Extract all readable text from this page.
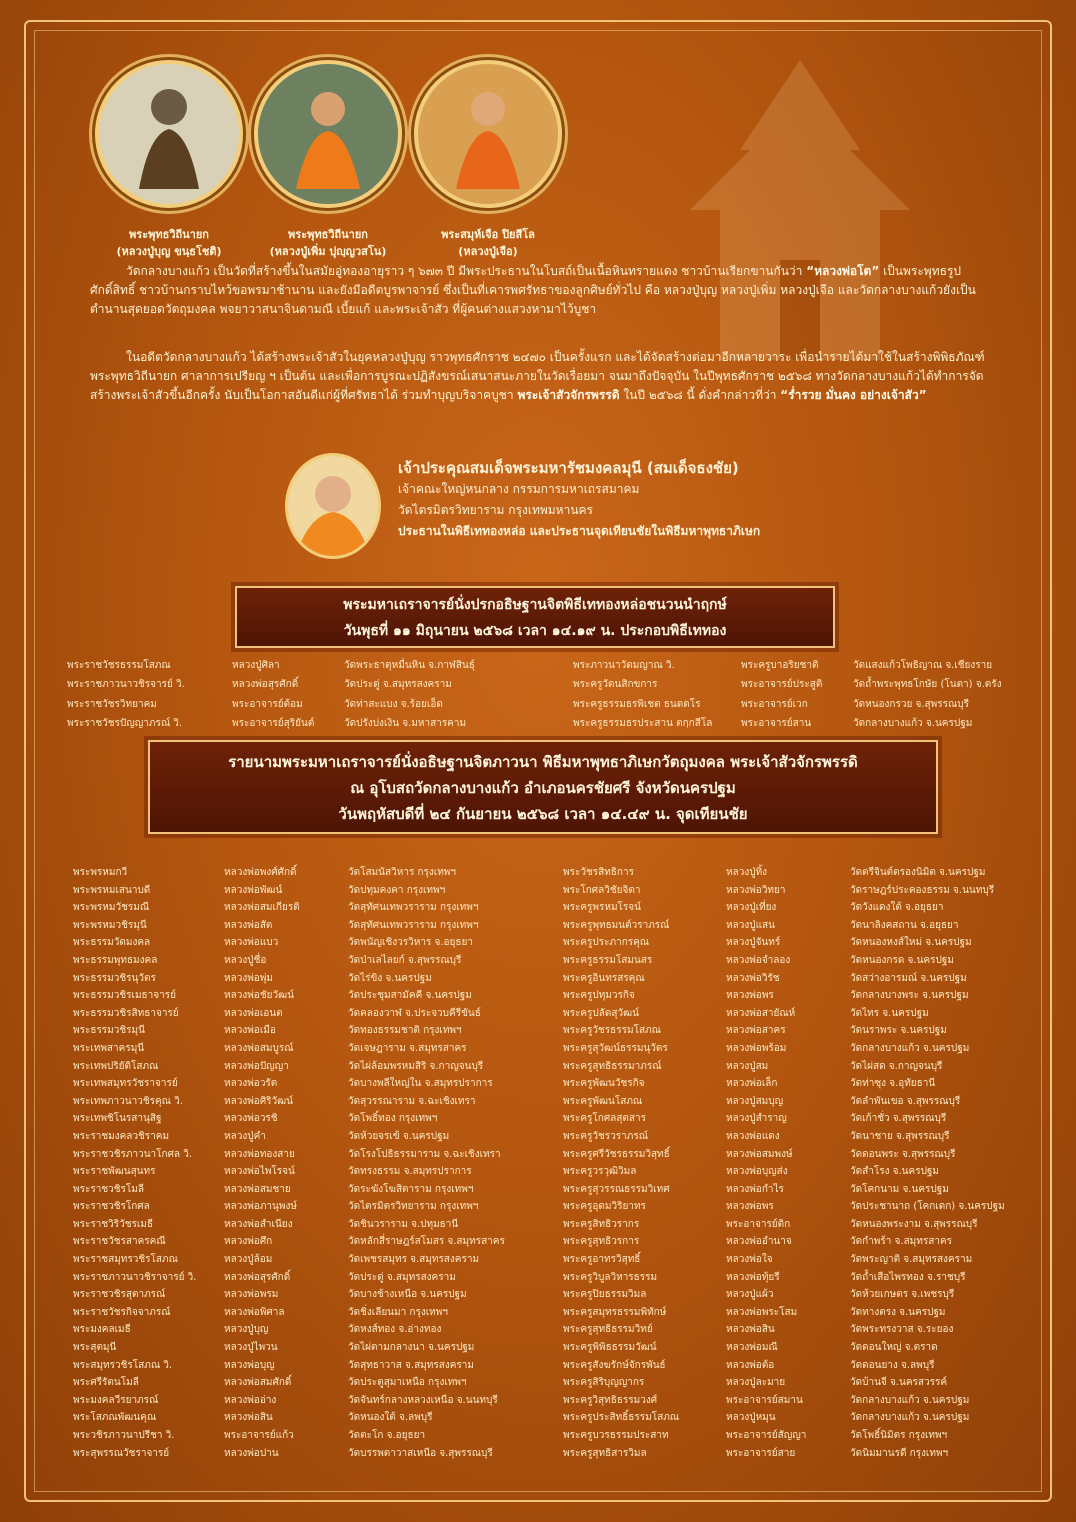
พระพุทธวิถีนายก
(หลวงปู่บุญ ขนฺธโชติ)
พระพุทธวิถีนายก
(หลวงปู่เพิ่ม ปุญฺญวสโน)
พระสมุห์เจือ ปิยสีโล
(หลวงปู่เจือ)
วัดกลางบางแก้ว เป็นวัดที่สร้างขึ้นในสมัยอู่ทองอายุราว ๆ ๖๗๓ ปี มีพระประธานในโบสถ์เป็นเนื้อหินทรายแดง ชาวบ้านเรียกขานกันว่า “หลวงพ่อโต” เป็นพระพุทธรูปศักดิ์สิทธิ์ ชาวบ้านกราบไหว้ขอพรมาช้านาน และยังมีอดีตบูรพาจารย์ ซึ่งเป็นที่เคารพศรัทธาของลูกศิษย์ทั่วไป คือ หลวงปู่บุญ หลวงปู่เพิ่ม หลวงปู่เจือ และวัดกลางบางแก้วยังเป็นตำนานสุดยอดวัตถุมงคล พจยาวาสนาจินดามณี เบี้ยแก้ และพระเจ้าสัว ที่ผู้คนต่างแสวงหามาไว้บูชา
ในอดีตวัดกลางบางแก้ว ได้สร้างพระเจ้าสัวในยุคหลวงปู่บุญ ราวพุทธศักราช ๒๔๗๐ เป็นครั้งแรก และได้จัดสร้างต่อมาอีกหลายวาระ เพื่อนำรายได้มาใช้ในสร้างพิพิธภัณฑ์พระพุทธวิถีนายก ศาลาการเปรียญ ฯ เป็นต้น และเพื่อการบูรณะปฏิสังขรณ์เสนาสนะภายในวัดเรื่อยมา จนมาถึงปัจจุบัน ในปีพุทธศักราช ๒๕๖๘ ทางวัดกลางบางแก้วได้ทำการจัดสร้างพระเจ้าสัวขึ้นอีกครั้ง นับเป็นโอกาสอันดีแก่ผู้ที่ศรัทธาได้ ร่วมทำบุญบริจาคบูชา พระเจ้าสัวจักรพรรดิ ในปี ๒๕๖๘ นี้ ดั่งคำกล่าวที่ว่า “ร่ำรวย มั่นคง อย่างเจ้าสัว”
เจ้าประคุณสมเด็จพระมหารัชมงคลมุนี (สมเด็จธงชัย)
เจ้าคณะใหญ่หนกลาง กรรมการมหาเถรสมาคม
วัดไตรมิตรวิทยาราม กรุงเทพมหานคร
ประธานในพิธีเททองหล่อ และประธานจุดเทียนชัยในพิธีมหาพุทธาภิเษก
พระมหาเถราจารย์นั่งปรกอธิษฐานจิตพิธีเททองหล่อชนวนนำฤกษ์
วันพุธที่ ๑๑ มิถุนายน ๒๕๖๘ เวลา ๑๔.๑๙ น. ประกอบพิธีเททอง
พระราชวัชรธรรมโสภณ
พระราชภาวนาวชิรจารย์ วิ.
พระราชวัชรวิทยาคม
พระราชวัชรปัญญาภรณ์ วิ.
หลวงปู่ศิลา
หลวงพ่อสุรศักดิ์
พระอาจารย์ต้อม
พระอาจารย์สุริยันต์
วัดพระธาตุหมื่นหิน จ.กาฬสินธุ์
วัดประดู่ จ.สมุทรสงคราม
วัดท่าสะแบง จ.ร้อยเอ็ด
วัดปรังบ่งเงิน จ.มหาสารคาม
พระภาวนาวัดมญาณ วิ.
พระครูวัดนสิกขการ
พระครูธรรมธรพิเชต ธนดดโร
พระครูธรรมธรประสาน ตกฺกสีโล
พระครูบาอริยชาติ
พระอาจารย์ประสูติ
พระอาจารย์เวก
พระอาจารย์สาน
วัดแสงแก้วโพธิญาณ จ.เชียงราย
วัดถ้ำพระพุทธโกษัย (โนตา) จ.ตรัง
วัดหนองกรวย จ.สุพรรณบุรี
วัดกลางบางแก้ว จ.นครปฐม
รายนามพระมหาเถราจารย์นั่งอธิษฐานจิตภาวนา พิธีมหาพุทธาภิเษกวัตถุมงคล พระเจ้าสัวจักรพรรดิ
ณ อุโบสถวัดกลางบางแก้ว อำเภอนครชัยศรี จังหวัดนครปฐม
วันพฤหัสบดีที่ ๒๔ กันยายน ๒๕๖๘ เวลา ๑๔.๔๙ น. จุดเทียนชัย
พระพรหมกวี
พระพรหมเสนาบดี
พระพรหมวัชรมณี
พระพรหมวชิรมุนี
พระธรรมวัดมงคล
พระธรรมพุทธมงคล
พระธรรมวชิรนุวัตร
พระธรรมวชิรเมธาจารย์
พระธรรมวชิรสิทธาจารย์
พระธรรมวชิรมุนี
พระเทพสาครมุนี
พระเทพปริยัติโสภณ
พระเทพสมุทรวัชราจารย์
พระเทพภาวนาวชิรคุณ วิ.
พระเทพชิโนรสานุสิฐ
พระราชมงคลวชิราคม
พระราชวชิรภาวนาโกศล วิ.
พระราชพัฒนสุนทร
พระราชวชิรโมลี
พระราชวชิรโกศล
พระราชวิริวัชรเมธี
พระราชวัชรสาครคณี
พระราชสมุทรวชิรโสภณ
พระราชภาวนาวชิราจารย์ วิ.
พระราชวชิรสุตาภรณ์
พระราชวัชรกิจจาภรณ์
พระมงคลเมธี
พระสุตมุนี
พระสมุทรวชิรโสภณ วิ.
พระศรีรัตนโมลี
พระมงคลวีรยาภรณ์
พระโสภณพัฒนคุณ
พระวชิรภาวนาปรีชา วิ.
พระสุพรรณวัชราจารย์
หลวงพ่อพงศ์ศักดิ์
หลวงพ่อพัฒน์
หลวงพ่อสมเกียรติ
หลวงพ่อสัต
หลวงพ่อแบว
หลวงปู่ชื่อ
หลวงพ่อพุ่ม
หลวงพ่อชัยวัฒน์
หลวงพ่อเอนต
หลวงพ่อเมือ
หลวงพ่อสมบูรณ์
หลวงพ่อปัญญา
หลวงพ่อวรัต
หลวงพ่อศิริวัฒน์
หลวงพ่อวรชิ
หลวงปู่คำ
หลวงพ่อทองสาย
หลวงพ่อไพโรจน์
หลวงพ่อสมชาย
หลวงพ่อภานุพงษ์
หลวงพ่อสำเนียง
หลวงพ่อศึก
หลวงปู่ล้อม
หลวงพ่อสุรศักดิ์
หลวงพ่อพรม
หลวงพ่อพิศาล
หลวงปู่บุญ
หลวงปู่ไพวน
หลวงพ่อบุญ
หลวงพ่อสมศักดิ์
หลวงพ่ออ่าง
หลวงพ่อสิน
พระอาจารย์แก้ว
หลวงพ่อปาน
วัดโสมนัสวิหาร กรุงเทพฯ
วัดปทุมคงคา กรุงเทพฯ
วัดสุทัศนเทพวราราม กรุงเทพฯ
วัดสุทัศนเทพวราราม กรุงเทพฯ
วัดพนัญเชิงวรวิหาร จ.อยุธยา
วัดป่าเลไลยก์ จ.สุพรรณบุรี
วัดไร่ขิง จ.นครปฐม
วัดประชุมสามัคคี จ.นครปฐม
วัดคลองวาฬ จ.ประจวบคีรีขันธ์
วัดทองธรรมชาติ กรุงเทพฯ
วัดเจษฎาราม จ.สมุทรสาคร
วัดไผ่ล้อมพรหมสิริ จ.กาญจนบุรี
วัดบางพลีใหญ่ใน จ.สมุทรปราการ
วัดสุวรรณาราม จ.ฉะเชิงเทรา
วัดโพธิ์ทอง กรุงเทพฯ
วัดห้วยจรเข้ จ.นครปฐม
วัดโรงโปธิธรรมาราม จ.ฉะเชิงเทรา
วัดทรงธรรม จ.สมุทรปราการ
วัดระฆังโฆสิตาราม กรุงเทพฯ
วัดไตรมิตรวิทยาราม กรุงเทพฯ
วัดชินวราราม จ.ปทุมธานี
วัดหลักสี่ราษฎร์สโมสร จ.สมุทรสาคร
วัดเพชรสมุทร จ.สมุทรสงคราม
วัดประดู่ จ.สมุทรสงคราม
วัดบางช้างเหนือ จ.นครปฐม
วัดชิ่งเลียนมา กรุงเทพฯ
วัดหงส์ทอง จ.อ่างทอง
วัดไผ่ตามกลางนา จ.นครปฐม
วัดสุทธาวาส จ.สมุทรสงคราม
วัดประตูสุมาเหนือ กรุงเทพฯ
วัดจันทร์กลางหลวงเหนือ จ.นนทบุรี
วัดหนองใต้ จ.ลพบุรี
วัดตะโก จ.อยุธยา
วัดบรรพตาวาสเหนือ จ.สุพรรณบุรี
พระวัชรสิทธิการ
พระโกศลวิชัยจิตา
พระครูพรหมโรจน์
พระครูพุทธมนต์วราภรณ์
พระครูประภากรคุณ
พระครูธรรมโสมนสร
พระครูอินทรสรคุณ
พระครูปทุมวรกิจ
พระครูปลัดสุวัฒน์
พระครูวัชรธรรมโสภณ
พระครูสุวัฒน์ธรรมนุวัตร
พระครูสุทธิธรรมาภรณ์
พระครูพัฒนวัชรกิจ
พระครูพัฒนโสภณ
พระครูโกศลสุตสาร
พระครูวัชรวราภรณ์
พระครูศรีวัชรธรรมวิสุทธิ์
พระครูวรวุฒิวิมล
พระครูสุวรรณธรรมวิเทศ
พระครูอุดมวิริยาทร
พระครูสิทธิวรากร
พระครูสุทธิวรการ
พระครูอาทรวิสุทธิ์
พระครูวิบูลวิหารธรรม
พระครูปิยธรรมวิมล
พระครูสมุทรธรรมพิทักษ์
พระครูสุทธิธรรมวิทย์
พระครูพิพิธธรรมวัฒน์
พระครูสังฆรักษ์จักรพันธ์
พระครูสิริบุญญากร
พระครูวิสุทธิธรรมวงศ์
พระครูประสิทธิ์ธรรมโสภณ
พระครูบวรธรรมประสาท
พระครูสุทธิสารวิมล
หลวงปู่ทิ้ง
หลวงพ่อวิทยา
หลวงปู่เที่ยง
หลวงปู่แสน
หลวงปู่จันทร์
หลวงพ่อจำลอง
หลวงพ่อวิรัช
หลวงพ่อพร
หลวงพ่อสายัณห์
หลวงพ่อสาคร
หลวงพ่อพร้อม
หลวงปู่สม
หลวงพ่อเล็ก
หลวงปู่สมบุญ
หลวงปู่สำราญ
หลวงพ่อแดง
หลวงพ่อสมพงษ์
หลวงพ่อบุญส่ง
หลวงพ่อกำไร
หลวงพ่อพร
พระอาจารย์ติก
หลวงพ่ออำนาจ
หลวงพ่อใจ
หลวงพ่อทุ้ยรี
หลวงปู่แผ้ว
หลวงพ่อพระโสม
หลวงพ่อสิน
หลวงพ่อมณี
หลวงพ่อต้อ
หลวงปู่ละมาย
พระอาจารย์สมาน
หลวงปู่หมุน
พระอาจารย์สัญญา
พระอาจารย์สาย
วัดตรีจินต์ตรองนิมิต จ.นครปฐม
วัดราษฎร์ประคองธรรม จ.นนทบุรี
วัดวังแดงใต้ จ.อยุธยา
วัดนาลิงคสถาน จ.อยุธยา
วัดหนองหงส์ใหม่ จ.นครปฐม
วัดหนองกรด จ.นครปฐม
วัดสว่างอารมณ์ จ.นครปฐม
วัดกลางบางพระ จ.นครปฐม
วัดไทร จ.นครปฐม
วัดนราพระ จ.นครปฐม
วัดกลางบางแก้ว จ.นครปฐม
วัดไผ่สด จ.กาญจนบุรี
วัดท่าซุง จ.อุทัยธานี
วัดลำพันเขอ จ.สุพรรณบุรี
วัดเก้าชั่ว จ.สุพรรณบุรี
วัดนาชาย จ.สุพรรณบุรี
วัดดอนพระ จ.สุพรรณบุรี
วัดสำโรง จ.นครปฐม
วัดโคกนาม จ.นครปฐม
วัดประชานาถ (โคกเดก) จ.นครปฐม
วัดหนองพระงาม จ.สุพรรณบุรี
วัดกำพร้า จ.สมุทรสาคร
วัดพระญาติ จ.สมุทรสงคราม
วัดถ้ำเสือไพรทอง จ.ราชบุรี
วัดห้วยเกษตร จ.เพชรบุรี
วัดทางตรง จ.นครปฐม
วัดพระทรงวาส จ.ระยอง
วัดดอนใหญ่ จ.ตราด
วัดดอนยาง จ.ลพบุรี
วัดบ้านจี จ.นครสวรรค์
วัดกลางบางแก้ว จ.นครปฐม
วัดกลางบางแก้ว จ.นครปฐม
วัดโพธิ์นิมิตร กรุงเทพฯ
วัดนิมมานรดี กรุงเทพฯ
